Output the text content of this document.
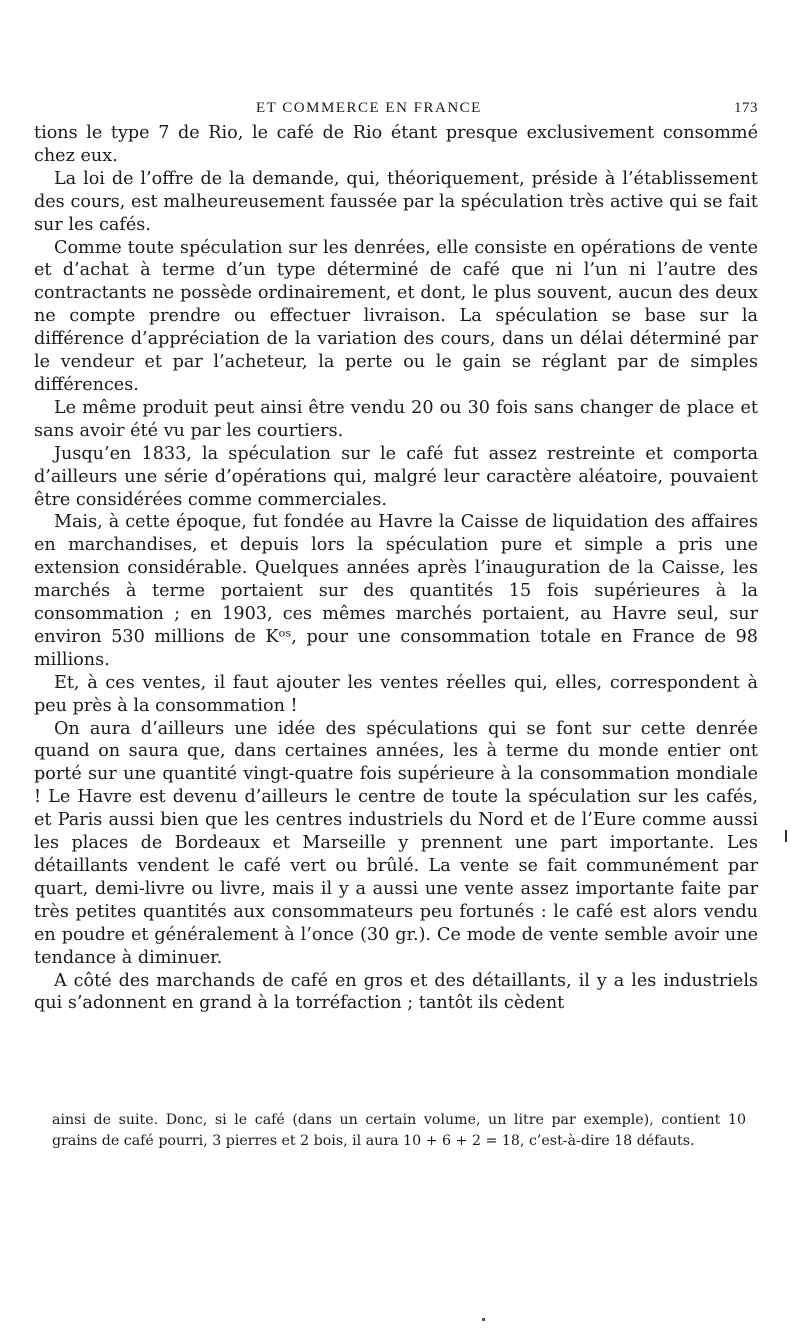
ET COMMERCE EN FRANCE	173

tions le type 7 de Rio, le café de Rio étant presque exclusivement consommé chez eux.

La loi de l’offre de la demande, qui, théoriquement, préside à l’établissement des cours, est malheureusement faussée par la spéculation très active qui se fait sur les cafés.

Comme toute spéculation sur les denrées, elle consiste en opérations de vente et d’achat à terme d’un type déterminé de café que ni l’un ni l’autre des contractants ne possède ordinairement, et dont, le plus souvent, aucun des deux ne compte prendre ou effectuer livraison. La spéculation se base sur la différence d’appréciation de la variation des cours, dans un délai déterminé par le vendeur et par l’acheteur, la perte ou le gain se réglant par de simples différences.

Le même produit peut ainsi être vendu 20 ou 30 fois sans changer de place et sans avoir été vu par les courtiers.

Jusqu’en 1833, la spéculation sur le café fut assez restreinte et comporta d’ailleurs une série d’opérations qui, malgré leur caractère aléatoire, pouvaient être considérées comme commerciales.

Mais, à cette époque, fut fondée au Havre la Caisse de liquidation des affaires en marchandises, et depuis lors la spéculation pure et simple a pris une extension considérable. Quelques années après l’inauguration de la Caisse, les marchés à terme portaient sur des quantités 15 fois supérieures à la consommation ; en 1903, ces mêmes marchés portaient, au Havre seul, sur environ 530 millions de Kᵒˢ, pour une consommation totale en France de 98 millions.

Et, à ces ventes, il faut ajouter les ventes réelles qui, elles, correspondent à peu près à la consommation !

On aura d’ailleurs une idée des spéculations qui se font sur cette denrée quand on saura que, dans certaines années, les à terme du monde entier ont porté sur une quantité vingt-quatre fois supérieure à la consommation mondiale ! Le Havre est devenu d’ailleurs le centre de toute la spéculation sur les cafés, et Paris aussi bien que les centres industriels du Nord et de l’Eure comme aussi les places de Bordeaux et Marseille y prennent une part importante. Les détaillants vendent le café vert ou brûlé. La vente se fait communément par quart, demi-livre ou livre, mais il y a aussi une vente assez importante faite par très petites quantités aux consommateurs peu fortunés : le café est alors vendu en poudre et généralement à l’once (30 gr.). Ce mode de vente semble avoir une tendance à diminuer.

A côté des marchands de café en gros et des détaillants, il y a les industriels qui s’adonnent en grand à la torréfaction ; tantôt ils cèdent

ainsi de suite. Donc, si le café (dans un certain volume, un litre par exemple), contient 10 grains de café pourri, 3 pierres et 2 bois, il aura 10 + 6 + 2 = 18, c’est-à-dire 18 défauts.
